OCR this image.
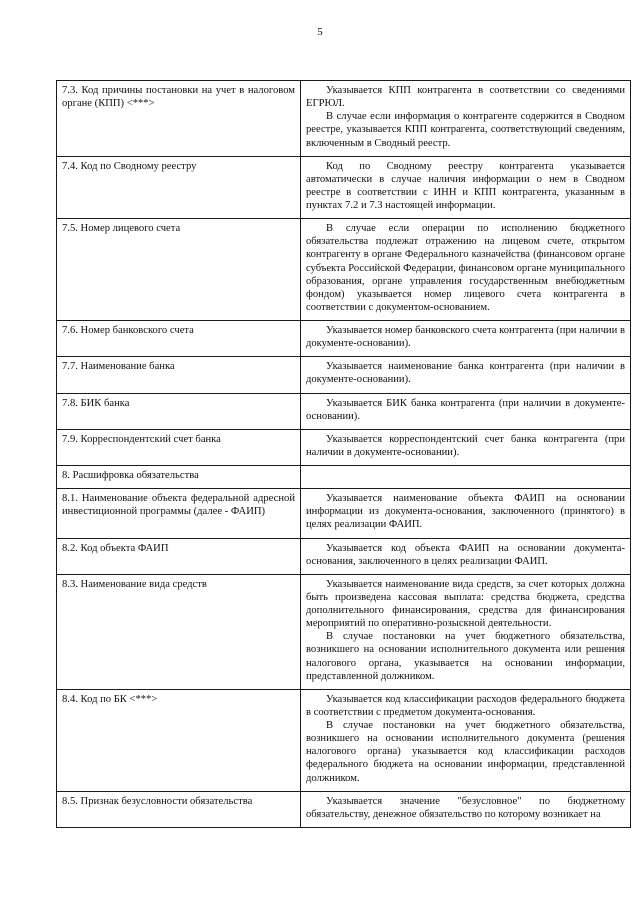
5
7.3. Код причины постановки на учет в налоговом органе (КПП) <***>	Указывается КПП контрагента в соответствии со сведениями ЕГРЮЛ.

В случае если информация о контрагенте содержится в Сводном реестре, указывается КПП контрагента, соответствующий сведениям, включенным в Сводный реестр.

7.4. Код по Сводному реестру	Код по Сводному реестру контрагента указывается автоматически в случае наличия информации о нем в Сводном реестре в соответствии с ИНН и КПП контрагента, указанным в пунктах 7.2 и 7.3 настоящей информации.

7.5. Номер лицевого счета	В случае если операции по исполнению бюджетного обязательства подлежат отражению на лицевом счете, открытом контрагенту в органе Федерального казначейства (финансовом органе субъекта Российской Федерации, финансовом органе муниципального образования, органе управления государственным внебюджетным фондом) указывается номер лицевого счета контрагента в соответствии с документом-основанием.

7.6. Номер банковского счета	Указывается номер банковского счета контрагента (при наличии в документе-основании).

7.7. Наименование банка	Указывается наименование банка контрагента (при наличии в документе-основании).

7.8. БИК банка	Указывается БИК банка контрагента (при наличии в документе-основании).

7.9. Корреспондентский счет банка	Указывается корреспондентский счет банка контрагента (при наличии в документе-основании).

8. Расшифровка обязательства	
8.1. Наименование объекта федеральной адресной инвестиционной программы (далее - ФАИП)	Указывается наименование объекта ФАИП на основании информации из документа-основания, заключенного (принятого) в целях реализации ФАИП.

8.2. Код объекта ФАИП	Указывается код объекта ФАИП на основании документа-основания, заключенного в целях реализации ФАИП.

8.3. Наименование вида средств	Указывается наименование вида средств, за счет которых должна быть произведена кассовая выплата: средства бюджета, средства дополнительного финансирования, средства для финансирования мероприятий по оперативно-розыскной деятельности.

В случае постановки на учет бюджетного обязательства, возникшего на основании исполнительного документа или решения налогового органа, указывается на основании информации, представленной должником.

8.4. Код по БК <***>	Указывается код классификации расходов федерального бюджета в соответствии с предметом документа-основания.

В случае постановки на учет бюджетного обязательства, возникшего на основании исполнительного документа (решения налогового органа) указывается код классификации расходов федерального бюджета на основании информации, представленной должником.

8.5. Признак безусловности обязательства	Указывается значение "безусловное" по бюджетному обязательству, денежное обязательство по которому возникает на
